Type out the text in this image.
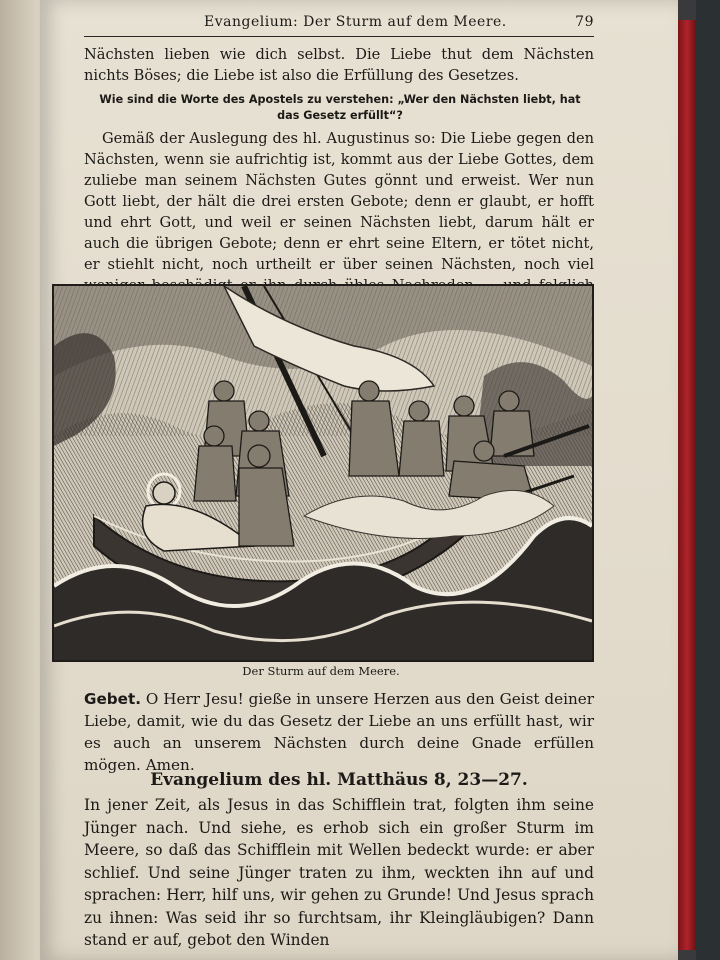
Evangelium: Der Sturm auf dem Meere.	79
Nächsten lieben wie dich selbst. Die Liebe thut dem Nächsten nichts Böses; die Liebe ist also die Erfüllung des Gesetzes.
Wie sind die Worte des Apostels zu verstehen: „Wer den Nächsten liebt, hat das Gesetz erfüllt“?
Gemäß der Auslegung des hl. Augustinus so: Die Liebe gegen den Nächsten, wenn sie aufrichtig ist, kommt aus der Liebe Gottes, dem zuliebe man seinem Nächsten Gutes gönnt und erweist. Wer nun Gott liebt, der hält die drei ersten Gebote; denn er glaubt, er hofft und ehrt Gott, und weil er seinen Nächsten liebt, darum hält er auch die übrigen Gebote; denn er ehrt seine Eltern, er tötet nicht, er stiehlt nicht, noch urtheilt er über seinen Nächsten, noch viel
Der Sturm auf dem Meere.
Gebet. O Herr Jesu! gieße in unsere Herzen aus den Geist deiner Liebe, damit, wie du das Gesetz der Liebe an uns erfüllt hast, wir es auch an unserem Nächsten durch deine Gnade erfüllen mögen. Amen.
Evangelium des hl. Matthäus 8, 23—27.
In jener Zeit, als Jesus in das Schifflein trat, folgten ihm seine Jünger nach. Und siehe, es erhob sich ein großer Sturm im Meere, so daß das Schifflein mit Wellen bedeckt wurde: er aber schlief. Und seine Jünger traten zu ihm, weckten ihn auf und sprachen: Herr, hilf uns, wir gehen zu Grunde! Und Jesus sprach zu ihnen: Was seid ihr so furchtsam, ihr Kleingläubigen? Dann stand er auf, gebot den Winden
